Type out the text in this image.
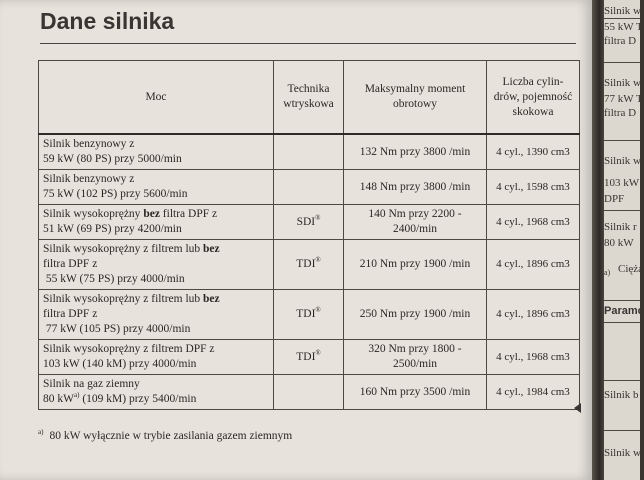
Dane silnika
Moc	Technika wtryskowa	Maksymalny moment obrotowy	Liczba cylin-drów, pojemność skokowa
Silnik benzynowy z
59 kW (80 PS) przy 5000/min		132 Nm przy 3800 /min	4 cyl., 1390 cm3
Silnik benzynowy z
75 kW (102 PS) przy 5600/min		148 Nm przy 3800 /min	4 cyl., 1598 cm3
Silnik wysokoprężny bez filtra DPF z
51 kW (69 PS) przy 4200/min	SDI®	140 Nm przy 2200 - 2400/min	4 cyl., 1968 cm3
Silnik wysokoprężny z filtrem lub bez
filtra DPF z
55 kW (75 PS) przy 4000/min	TDI®	210 Nm przy 1900 /min	4 cyl., 1896 cm3
Silnik wysokoprężny z filtrem lub bez
filtra DPF z
77 kW (105 PS) przy 4000/min	TDI®	250 Nm przy 1900 /min	4 cyl., 1896 cm3
Silnik wysokoprężny z filtrem DPF z
103 kW (140 kM) przy 4000/min	TDI®	320 Nm przy 1800 - 2500/min	4 cyl., 1968 cm3
Silnik na gaz ziemny
80 $kW^{a)}$ (109 kM) przy 5400/min		160 Nm przy 3500 /min	4 cyl., 1984 cm3
$^{a)}$ 80 kW wyłącznie w trybie zasilania gazem ziemnym
Silnik w
55 kW T
filtra D
Silnik w
77 kW T
filtra D
Silnik w
103 kW
DPF
Silnik r
80 kW
a) Cięża
Paramo
Silnik b
Silnik w
